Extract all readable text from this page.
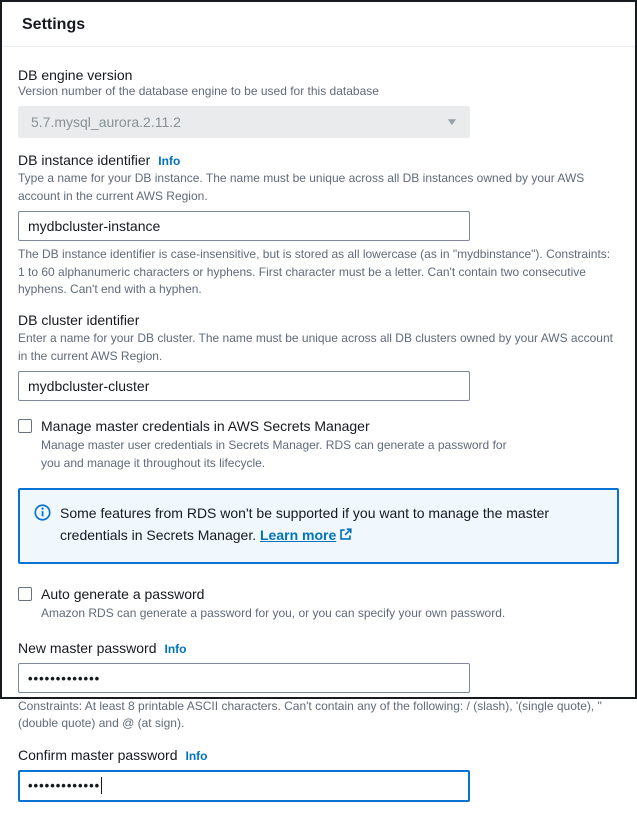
Settings
DB engine version
Version number of the database engine to be used for this database
5.7.mysql_aurora.2.11.2	▼
DB instance identifier Info
Type a name for your DB instance. The name must be unique across all DB instances owned by your AWS account in the current AWS Region.
mydbcluster-instance
The DB instance identifier is case-insensitive, but is stored as all lowercase (as in "mydbinstance"). Constraints: 1 to 60 alphanumeric characters or hyphens. First character must be a letter. Can't contain two consecutive hyphens. Can't end with a hyphen.
DB cluster identifier
Enter a name for your DB cluster. The name must be unique across all DB clusters owned by your AWS account in the current AWS Region.
mydbcluster-cluster
Manage master credentials in AWS Secrets Manager
Manage master user credentials in Secrets Manager. RDS can generate a password for you and manage it throughout its lifecycle.
Some features from RDS won't be supported if you want to manage the master credentials in Secrets Manager. Learn more
Auto generate a password
Amazon RDS can generate a password for you, or you can specify your own password.
New master password Info
•••••••••••••
Constraints: At least 8 printable ASCII characters. Can't contain any of the following: / (slash), '(single quote), "(double quote) and @ (at sign).
Confirm master password Info
•••••••••••••
